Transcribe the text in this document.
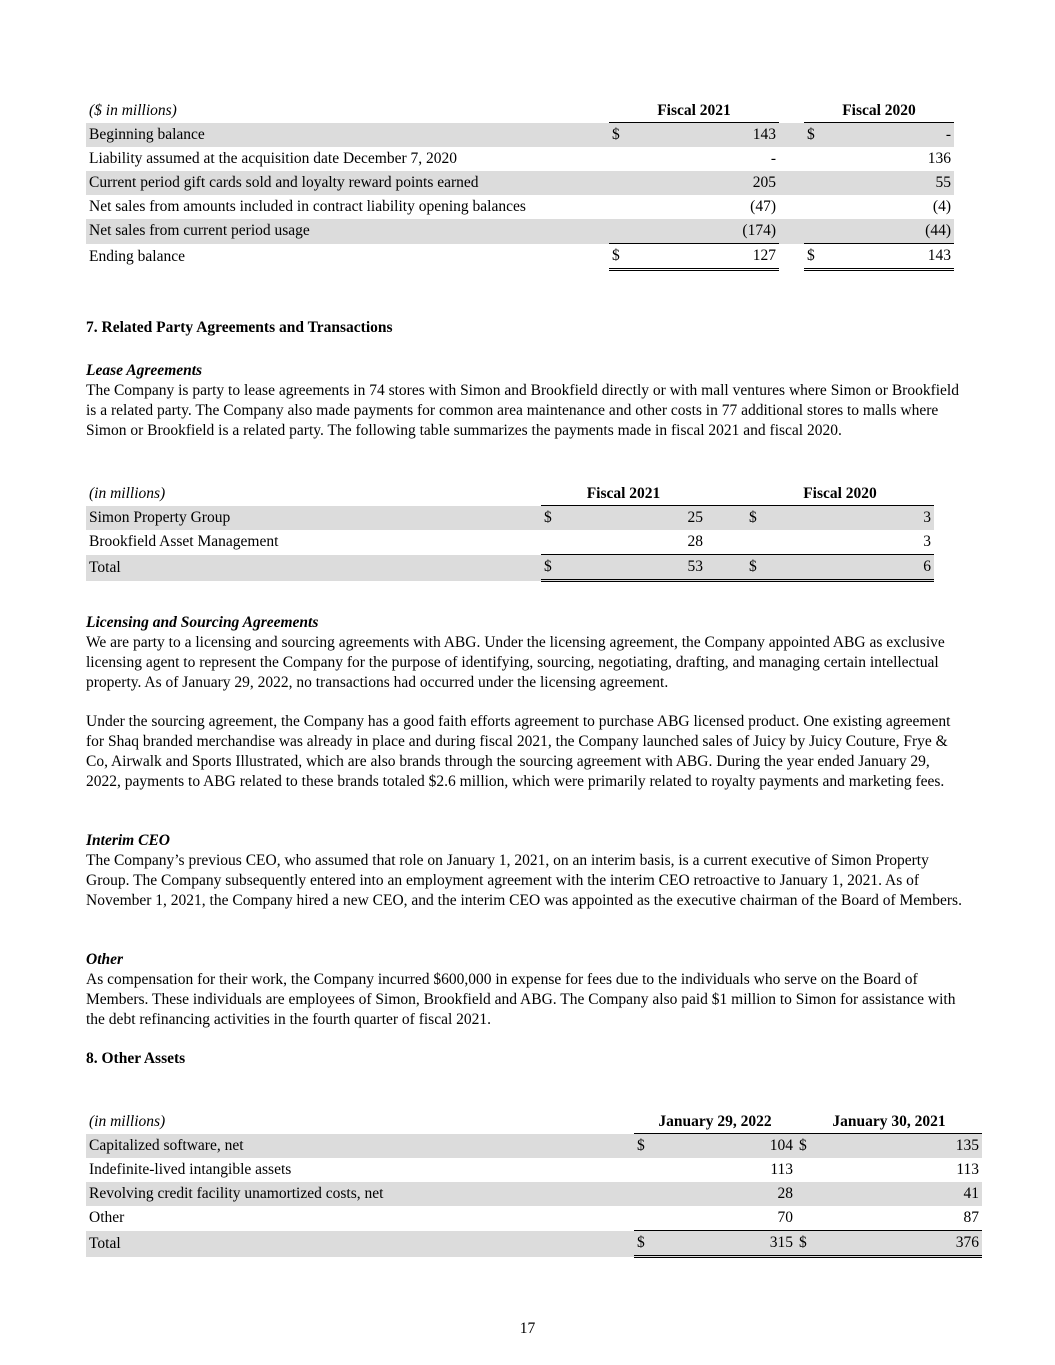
($ in millions)	Fiscal 2021			Fiscal 2020	
Beginning balance	$	143		$	-
Liability assumed at the acquisition date December 7, 2020		-			136
Current period gift cards sold and loyalty reward points earned		205			55
Net sales from amounts included in contract liability opening balances		(47)			(4)
Net sales from current period usage		(174)			(44)
Ending balance	$	127		$	143
7. Related Party Agreements and Transactions
Lease Agreements

The Company is party to lease agreements in 74 stores with Simon and Brookfield directly or with mall ventures where Simon or Brookfield is a related party. The Company also made payments for common area maintenance and other costs in 77 additional stores to malls where Simon or Brookfield is a related party. The following table summarizes the payments made in fiscal 2021 and fiscal 2020.

(in millions)	Fiscal 2021			Fiscal 2020	
Simon Property Group	$	25		$	3
Brookfield Asset Management		28			3
Total	$	53		$	6
Licensing and Sourcing Agreements

We are party to a licensing and sourcing agreements with ABG. Under the licensing agreement, the Company appointed ABG as exclusive licensing agent to represent the Company for the purpose of identifying, sourcing, negotiating, drafting, and managing certain intellectual property. As of January 29, 2022, no transactions had occurred under the licensing agreement.

Under the sourcing agreement, the Company has a good faith efforts agreement to purchase ABG licensed product. One existing agreement for Shaq branded merchandise was already in place and during fiscal 2021, the Company launched sales of Juicy by Juicy Couture, Frye & Co, Airwalk and Sports Illustrated, which are also brands through the sourcing agreement with ABG. During the year ended January 29, 2022, payments to ABG related to these brands totaled $2.6 million, which were primarily related to royalty payments and marketing fees.

Interim CEO

The Company’s previous CEO, who assumed that role on January 1, 2021, on an interim basis, is a current executive of Simon Property Group. The Company subsequently entered into an employment agreement with the interim CEO retroactive to January 1, 2021. As of November 1, 2021, the Company hired a new CEO, and the interim CEO was appointed as the executive chairman of the Board of Members.

Other

As compensation for their work, the Company incurred $600,000 in expense for fees due to the individuals who serve on the Board of Members. These individuals are employees of Simon, Brookfield and ABG. The Company also paid $1 million to Simon for assistance with the debt refinancing activities in the fourth quarter of fiscal 2021.

8. Other Assets
(in millions)	January 29, 2022		January 30, 2021	
Capitalized software, net	$	104	$	135
Indefinite-lived intangible assets		113		113
Revolving credit facility unamortized costs, net		28		41
Other		70		87
Total	$	315	$	376
17
